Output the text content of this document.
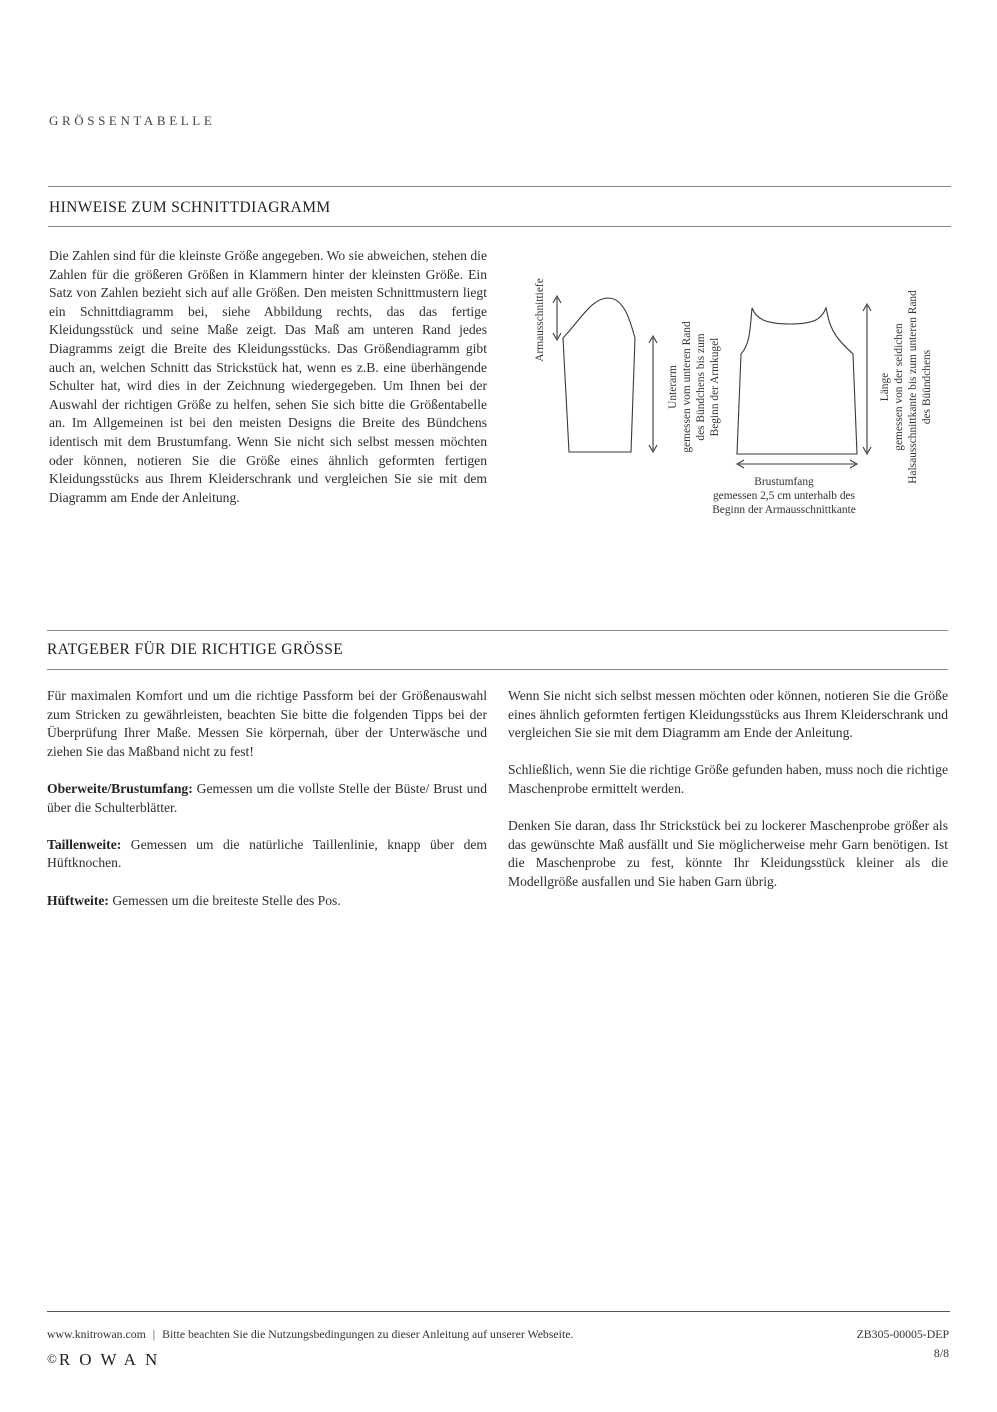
GRÖSSENTABELLE
HINWEISE ZUM SCHNITTDIAGRAMM

Die Zahlen sind für die kleinste Größe angegeben. Wo sie abweichen, stehen die Zahlen für die größeren Größen in Klammern hinter der kleinsten Größe. Ein Satz von Zahlen bezieht sich auf alle Größen. Den meisten Schnittmustern liegt ein Schnittdiagramm bei, siehe Abbildung rechts, das das fertige Kleidungsstück und seine Maße zeigt. Das Maß am unteren Rand jedes Diagramms zeigt die Breite des Kleidungsstücks. Das Größendiagramm gibt auch an, welchen Schnitt das Strickstück hat, wenn es z.B. eine überhängende Schulter hat, wird dies in der Zeichnung wiedergegeben. Um Ihnen bei der Auswahl der richtigen Größe zu helfen, sehen Sie sich bitte die Größentabelle an. Im Allgemeinen ist bei den meisten Designs die Breite des Bündchens identisch mit dem Brustumfang. Wenn Sie nicht sich selbst messen möchten oder können, notieren Sie die Größe eines ähnlich geformten fertigen Kleidungsstücks aus Ihrem Kleiderschrank und vergleichen Sie sie mit dem Diagramm am Ende der Anleitung.

Armausschnittiefe
Unterarm gemessen vom unteren Rand des Bündchens bis zum Beginn der Armkugel	Länge gemessen von der seidichen Halsausschnittkante bis zum unteren Rand des Büündchens
Brustumfang
gemessen 2,5 cm unterhalb des
Beginn der Armausschnittkante
RATGEBER FÜR DIE RICHTIGE GRÖSSE

Für maximalen Komfort und um die richtige Passform bei der Größenauswahl zum Stricken zu gewährleisten, beachten Sie bitte die folgenden Tipps bei der Überprüfung Ihrer Maße. Messen Sie körpernah, über der Unterwäsche und ziehen Sie das Maßband nicht zu fest!

Oberweite/Brustumfang: Gemessen um die vollste Stelle der Büste/ Brust und über die Schulterblätter.

Taillenweite: Gemessen um die natürliche Taillenlinie, knapp über dem Hüftknochen.

Hüftweite: Gemessen um die breiteste Stelle des Pos.

Wenn Sie nicht sich selbst messen möchten oder können, notieren Sie die Größe eines ähnlich geformten fertigen Kleidungsstücks aus Ihrem Kleiderschrank und vergleichen Sie sie mit dem Diagramm am Ende der Anleitung.

Schließlich, wenn Sie die richtige Größe gefunden haben, muss noch die richtige Maschenprobe ermittelt werden.

Denken Sie daran, dass Ihr Strickstück bei zu lockerer Maschenprobe größer als das gewünschte Maß ausfällt und Sie möglicherweise mehr Garn benötigen. Ist die Maschenprobe zu fest, könnte Ihr Kleidungsstück kleiner als die Modellgröße ausfallen und Sie haben Garn übrig.

www.knitrowan.com | Bitte beachten Sie die Nutzungsbedingungen zu dieser Anleitung auf unserer Webseite.	ZB305-00005-DEP
8/8
© ROWAN
